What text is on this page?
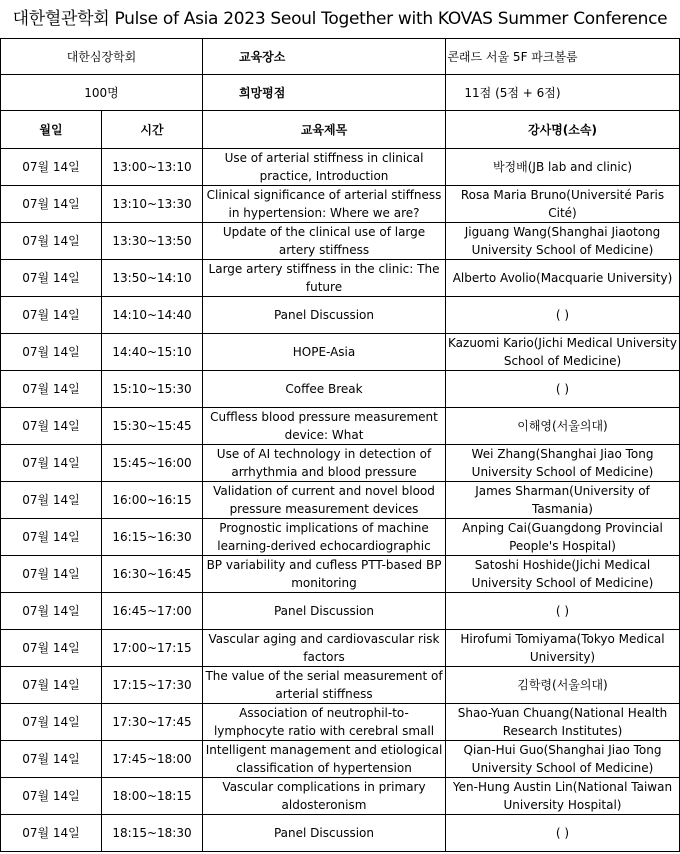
대한혈관학회 Pulse of Asia 2023 Seoul Together with KOVAS Summer Conference
대한심장학회	교육장소	콘래드 서울 5F 파크볼룸
100명	희망평점	11점 (5점 + 6점)
월일	시간	교육제목	강사명(소속)
07월 14일	13:00~13:10	Use of arterial stiffness in clinical practice, Introduction	박정배(JB lab and clinic)

07월 14일	13:10~13:30	Clinical significance of arterial stiffness in hypertension: Where we are?	Rosa Maria Bruno(Université Paris Cité)

07월 14일	13:30~13:50	Update of the clinical use of large artery stiffness	Jiguang Wang(Shanghai Jiaotong University School of Medicine)

07월 14일	13:50~14:10	Large artery stiffness in the clinic: The future	Alberto Avolio(Macquarie University)

07월 14일	14:10~14:40	Panel Discussion	( )

07월 14일	14:40~15:10	HOPE-Asia	Kazuomi Kario(Jichi Medical University School of Medicine)

07월 14일	15:10~15:30	Coffee Break	( )

07월 14일	15:30~15:45	Cuffless blood pressure measurement device: What	이해영(서울의대)

07월 14일	15:45~16:00	Use of AI technology in detection of arrhythmia and blood pressure	Wei Zhang(Shanghai Jiao Tong University School of Medicine)

07월 14일	16:00~16:15	Validation of current and novel blood pressure measurement devices	James Sharman(University of Tasmania)

07월 14일	16:15~16:30	Prognostic implications of machine learning-derived echocardiographic	Anping Cai(Guangdong Provincial People's Hospital)

07월 14일	16:30~16:45	BP variability and cufless PTT-based BP monitoring	Satoshi Hoshide(Jichi Medical University School of Medicine)

07월 14일	16:45~17:00	Panel Discussion	( )

07월 14일	17:00~17:15	Vascular aging and cardiovascular risk factors	Hirofumi Tomiyama(Tokyo Medical University)

07월 14일	17:15~17:30	The value of the serial measurement of arterial stiffness	김학령(서울의대)

07월 14일	17:30~17:45	Association of neutrophil-to-lymphocyte ratio with cerebral small	Shao-Yuan Chuang(National Health Research Institutes)

07월 14일	17:45~18:00	Intelligent management and etiological classification of hypertension	Qian-Hui Guo(Shanghai Jiao Tong University School of Medicine)

07월 14일	18:00~18:15	Vascular complications in primary aldosteronism	Yen-Hung Austin Lin(National Taiwan University Hospital)

07월 14일	18:15~18:30	Panel Discussion	( )
